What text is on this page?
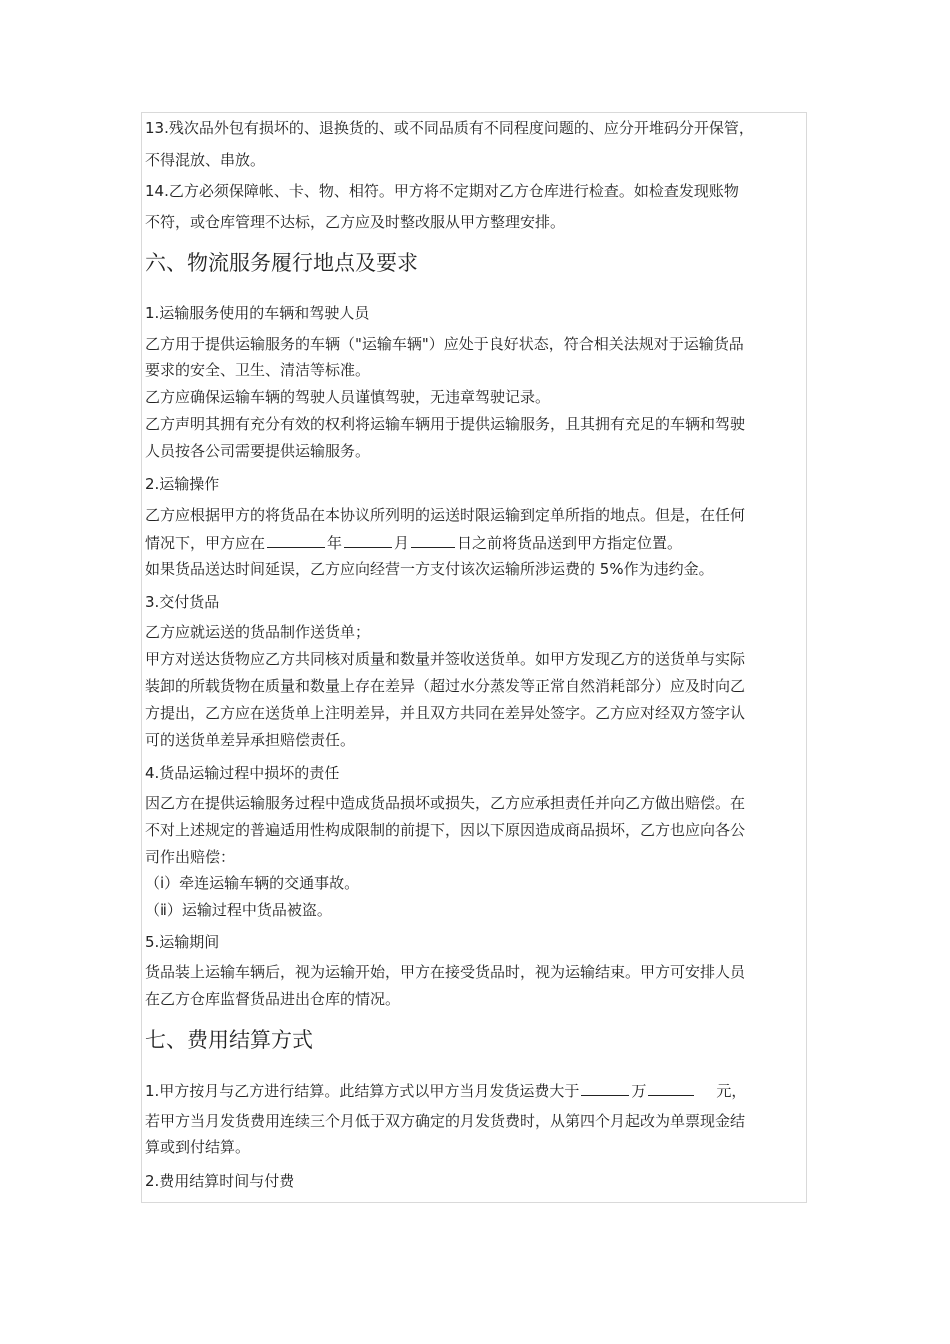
13.残次品外包有损坏的、退换货的、或不同品质有不同程度问题的、应分开堆码分开保管，
不得混放、串放。
14.乙方必须保障帐、卡、物、相符。甲方将不定期对乙方仓库进行检查。如检查发现账物
不符，或仓库管理不达标，乙方应及时整改服从甲方整理安排。
六、物流服务履行地点及要求
1.运输服务使用的车辆和驾驶人员
乙方用于提供运输服务的车辆（"运输车辆"）应处于良好状态，符合相关法规对于运输货品
要求的安全、卫生、清洁等标准。
乙方应确保运输车辆的驾驶人员谨慎驾驶，无违章驾驶记录。
乙方声明其拥有充分有效的权利将运输车辆用于提供运输服务，且其拥有充足的车辆和驾驶
人员按各公司需要提供运输服务。
2.运输操作
乙方应根据甲方的将货品在本协议所列明的运送时限运输到定单所指的地点。但是，在任何
情况下，甲方应在	年	月	日之前将货品送到甲方指定位置。
如果货品送达时间延误，乙方应向经营一方支付该次运输所涉运费的 5%作为违约金。
3.交付货品
乙方应就运送的货品制作送货单；
甲方对送达货物应乙方共同核对质量和数量并签收送货单。如甲方发现乙方的送货单与实际
装卸的所载货物在质量和数量上存在差异（超过水分蒸发等正常自然消耗部分）应及时向乙
方提出，乙方应在送货单上注明差异，并且双方共同在差异处签字。乙方应对经双方签字认
可的送货单差异承担赔偿责任。
4.货品运输过程中损坏的责任
因乙方在提供运输服务过程中造成货品损坏或损失，乙方应承担责任并向乙方做出赔偿。在
不对上述规定的普遍适用性构成限制的前提下，因以下原因造成商品损坏，乙方也应向各公
司作出赔偿：
（ⅰ）牵连运输车辆的交通事故。
（ⅱ）运输过程中货品被盗。
5.运输期间
货品装上运输车辆后，视为运输开始，甲方在接受货品时，视为运输结束。甲方可安排人员
在乙方仓库监督货品进出仓库的情况。
七、费用结算方式
1.甲方按月与乙方进行结算。此结算方式以甲方当月发货运费大于	万	元，
若甲方当月发货费用连续三个月低于双方确定的月发货费时，从第四个月起改为单票现金结
算或到付结算。
2.费用结算时间与付费
